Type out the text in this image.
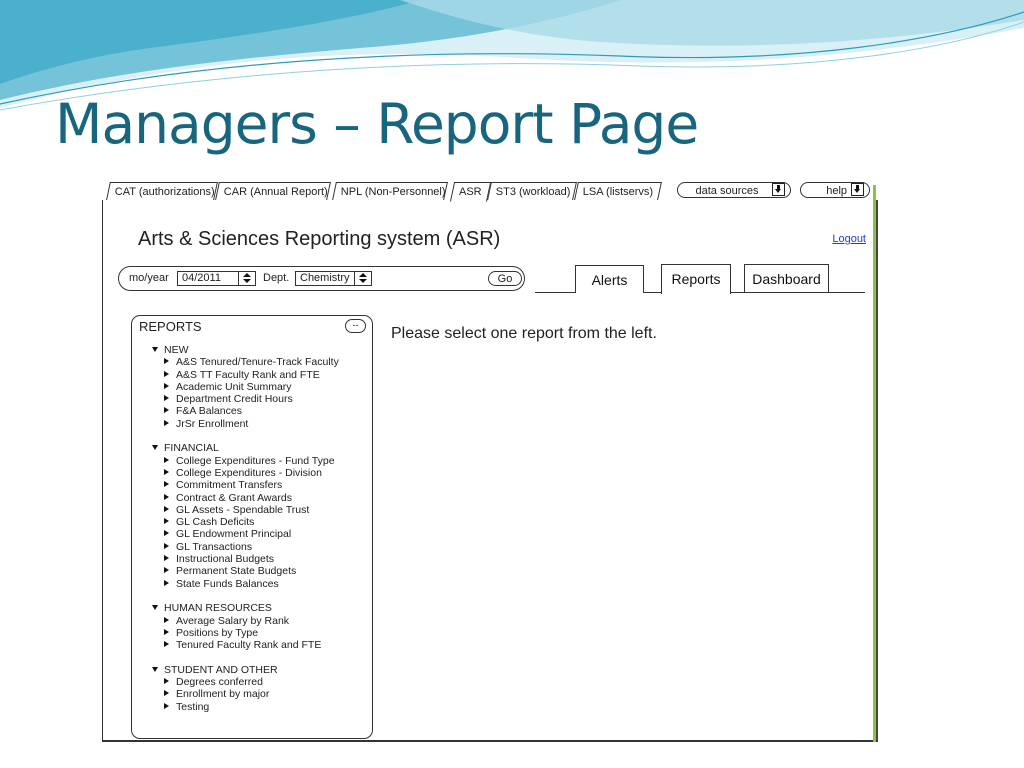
Managers – Report Page
CAT (authorizations) CAR (Annual Report)	NPL (Non-Personnel)	ASR	ST3 (workload)	LSA (listservs)	data sources	help
Arts & Sciences Reporting system (ASR)	Logout
mo/year	04/2011	Dept. Chemistry	Go	Alerts	Reports	Dashboard
REPORTS	--
NEW
A&S Tenured/Tenure-Track Faculty
A&S TT Faculty Rank and FTE
Academic Unit Summary
Department Credit Hours
F&A Balances
JrSr Enrollment
FINANCIAL
College Expenditures - Fund Type
College Expenditures - Division
Commitment Transfers
Contract & Grant Awards
GL Assets - Spendable Trust
GL Cash Deficits
GL Endowment Principal
GL Transactions
Instructional Budgets
Permanent State Budgets
State Funds Balances
HUMAN RESOURCES
Average Salary by Rank
Positions by Type
Tenured Faculty Rank and FTE
STUDENT AND OTHER
Degrees conferred
Enrollment by major
Testing
Please select one report from the left.
